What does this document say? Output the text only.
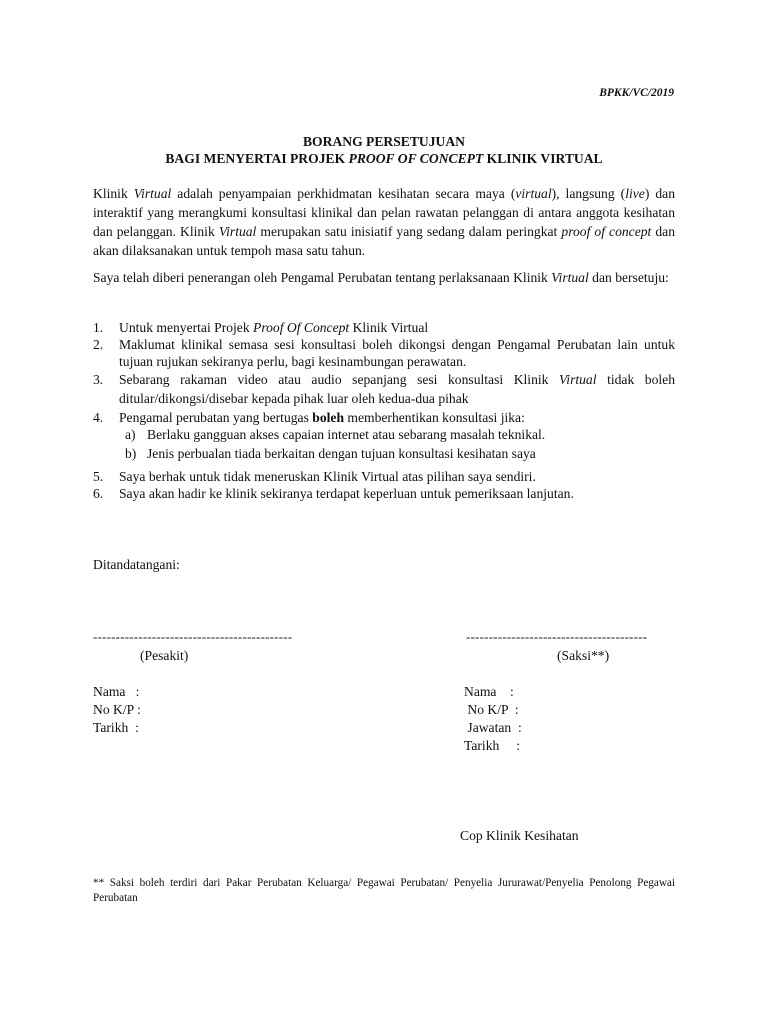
BPKK/VC/2019
BORANG PERSETUJUAN
BAGI MENYERTAI PROJEK PROOF OF CONCEPT KLINIK VIRTUAL

Klinik Virtual adalah penyampaian perkhidmatan kesihatan secara maya (virtual), langsung (live) dan interaktif yang merangkumi konsultasi klinikal dan pelan rawatan pelanggan di antara anggota kesihatan dan pelanggan. Klinik Virtual merupakan satu inisiatif yang sedang dalam peringkat proof of concept dan akan dilaksanakan untuk tempoh masa satu tahun.

Saya telah diberi penerangan oleh Pengamal Perubatan tentang perlaksanaan Klinik Virtual dan bersetuju:

1. Untuk menyertai Projek Proof Of Concept Klinik Virtual
2. Maklumat klinikal semasa sesi konsultasi boleh dikongsi dengan Pengamal Perubatan lain untuk tujuan rujukan sekiranya perlu, bagi kesinambungan perawatan.
3. Sebarang rakaman video atau audio sepanjang sesi konsultasi Klinik Virtual tidak boleh ditular/dikongsi/disebar kepada pihak luar oleh kedua-dua pihak
4. Pengamal perubatan yang bertugas boleh memberhentikan konsultasi jika:
a) Berlaku gangguan akses capaian internet atau sebarang masalah teknikal.
b) Jenis perbualan tiada berkaitan dengan tujuan konsultasi kesihatan saya
5. Saya berhak untuk tidak meneruskan Klinik Virtual atas pilihan saya sendiri.
6. Saya akan hadir ke klinik sekiranya terdapat keperluan untuk pemeriksaan lanjutan.
Ditandatangani:
--------------------------------------------	----------------------------------------
(Pesakit)	(Saksi**)
Nama   :
No K/P :
Tarikh  :
Nama    :
No K/P  :
Jawatan  :
Tarikh     :
Cop Klinik Kesihatan
** Saksi boleh terdiri dari Pakar Perubatan Keluarga/ Pegawai Perubatan/ Penyelia Jururawat/Penyelia Penolong Pegawai Perubatan
